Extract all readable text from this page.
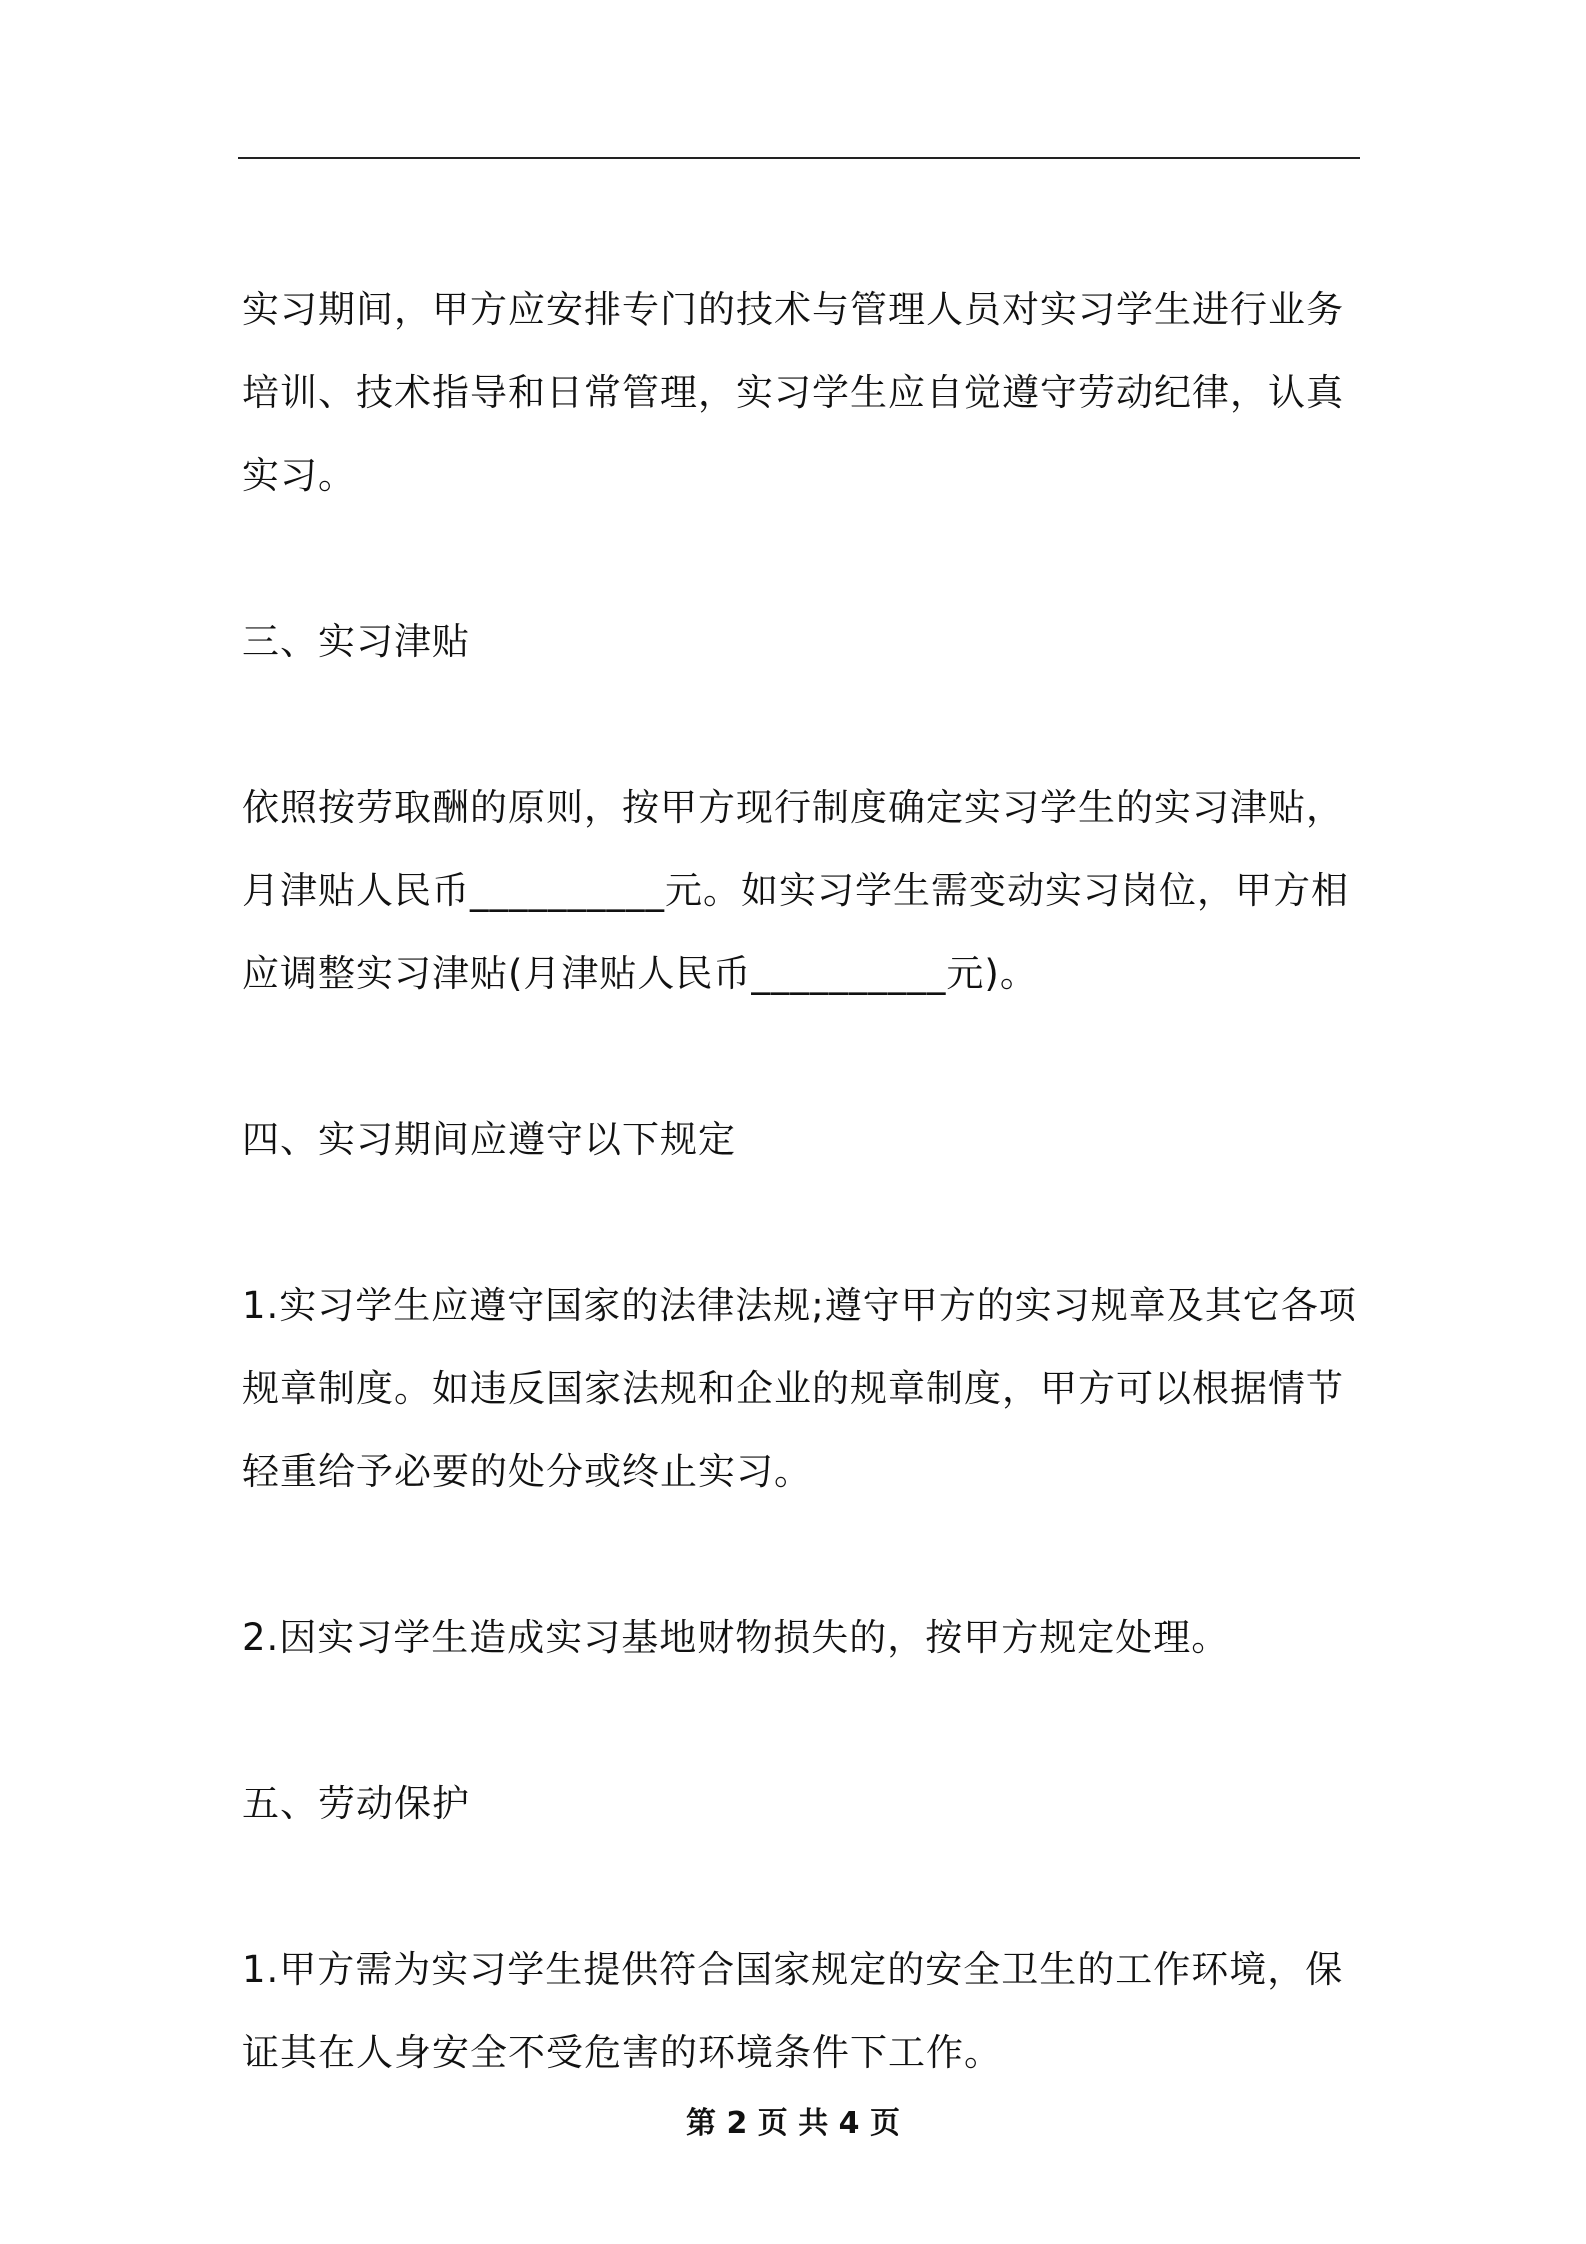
实习期间，甲方应安排专门的技术与管理人员对实习学生进行业务培训、技术指导和日常管理，实习学生应自觉遵守劳动纪律，认真实习。

三、实习津贴

依照按劳取酬的原则，按甲方现行制度确定实习学生的实习津贴，月津贴人民币__________元。如实习学生需变动实习岗位，甲方相应调整实习津贴(月津贴人民币__________元)。

四、实习期间应遵守以下规定

1.实习学生应遵守国家的法律法规;遵守甲方的实习规章及其它各项规章制度。如违反国家法规和企业的规章制度，甲方可以根据情节轻重给予必要的处分或终止实习。

2.因实习学生造成实习基地财物损失的，按甲方规定处理。

五、劳动保护

1.甲方需为实习学生提供符合国家规定的安全卫生的工作环境，保证其在人身安全不受危害的环境条件下工作。

第 2 页 共 4 页
